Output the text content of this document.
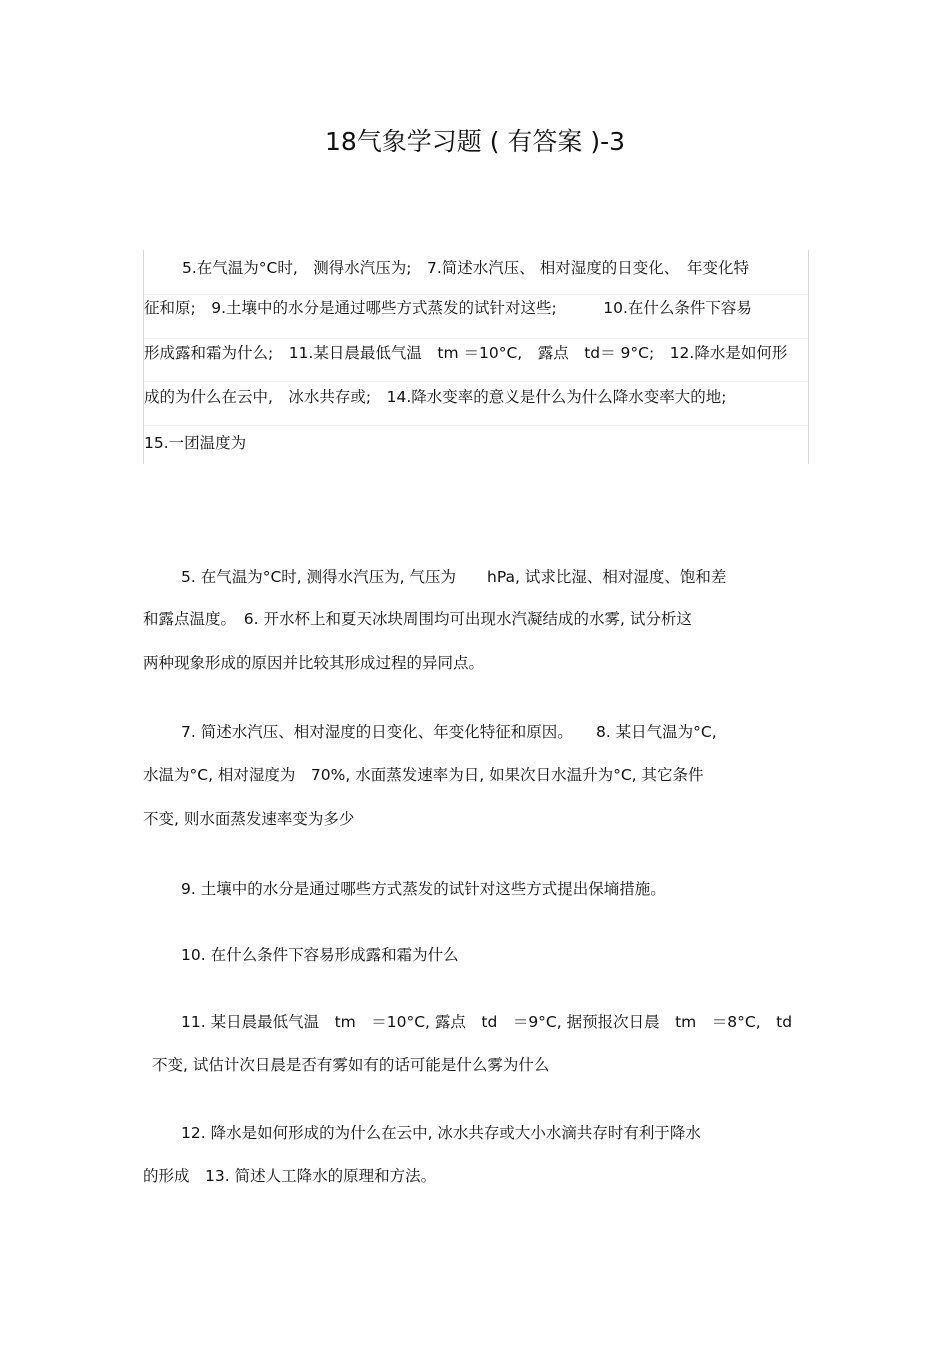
18气象学习题 ( 有答案 )-3
5.在气温为°C时,　测得水汽压为;　7.简述水汽压、 相对湿度的日变化、　年变化特
征和原;　9.土壤中的水分是通过哪些方式蒸发的试针对这些;　　　10.在什么条件下容易
形成露和霜为什么;　11.某日晨最低气温　tm ＝10°C,　露点　td＝ 9°C;　12.降水是如何形
成的为什么在云中,　冰水共存或;　14.降水变率的意义是什么为什么降水变率大的地;
15.一团温度为
5. 在气温为°C时, 测得水汽压为, 气压为　　hPa, 试求比湿、相对湿度、饱和差
和露点温度。　6. 开水杯上和夏天冰块周围均可出现水汽凝结成的水雾, 试分析这
两种现象形成的原因并比较其形成过程的异同点。
7. 简述水汽压、相对湿度的日变化、年变化特征和原因。　　8. 某日气温为°C,
水温为°C, 相对湿度为　70%, 水面蒸发速率为日, 如果次日水温升为°C, 其它条件
不变, 则水面蒸发速率变为多少
9. 土壤中的水分是通过哪些方式蒸发的试针对这些方式提出保墒措施。
10. 在什么条件下容易形成露和霜为什么
11. 某日晨最低气温　tm　＝10°C, 露点　td　＝9°C, 据预报次日晨　tm　＝8°C,　td
不变, 试估计次日晨是否有雾如有的话可能是什么雾为什么
12. 降水是如何形成的为什么在云中, 冰水共存或大小水滴共存时有利于降水
的形成　13. 简述人工降水的原理和方法。
